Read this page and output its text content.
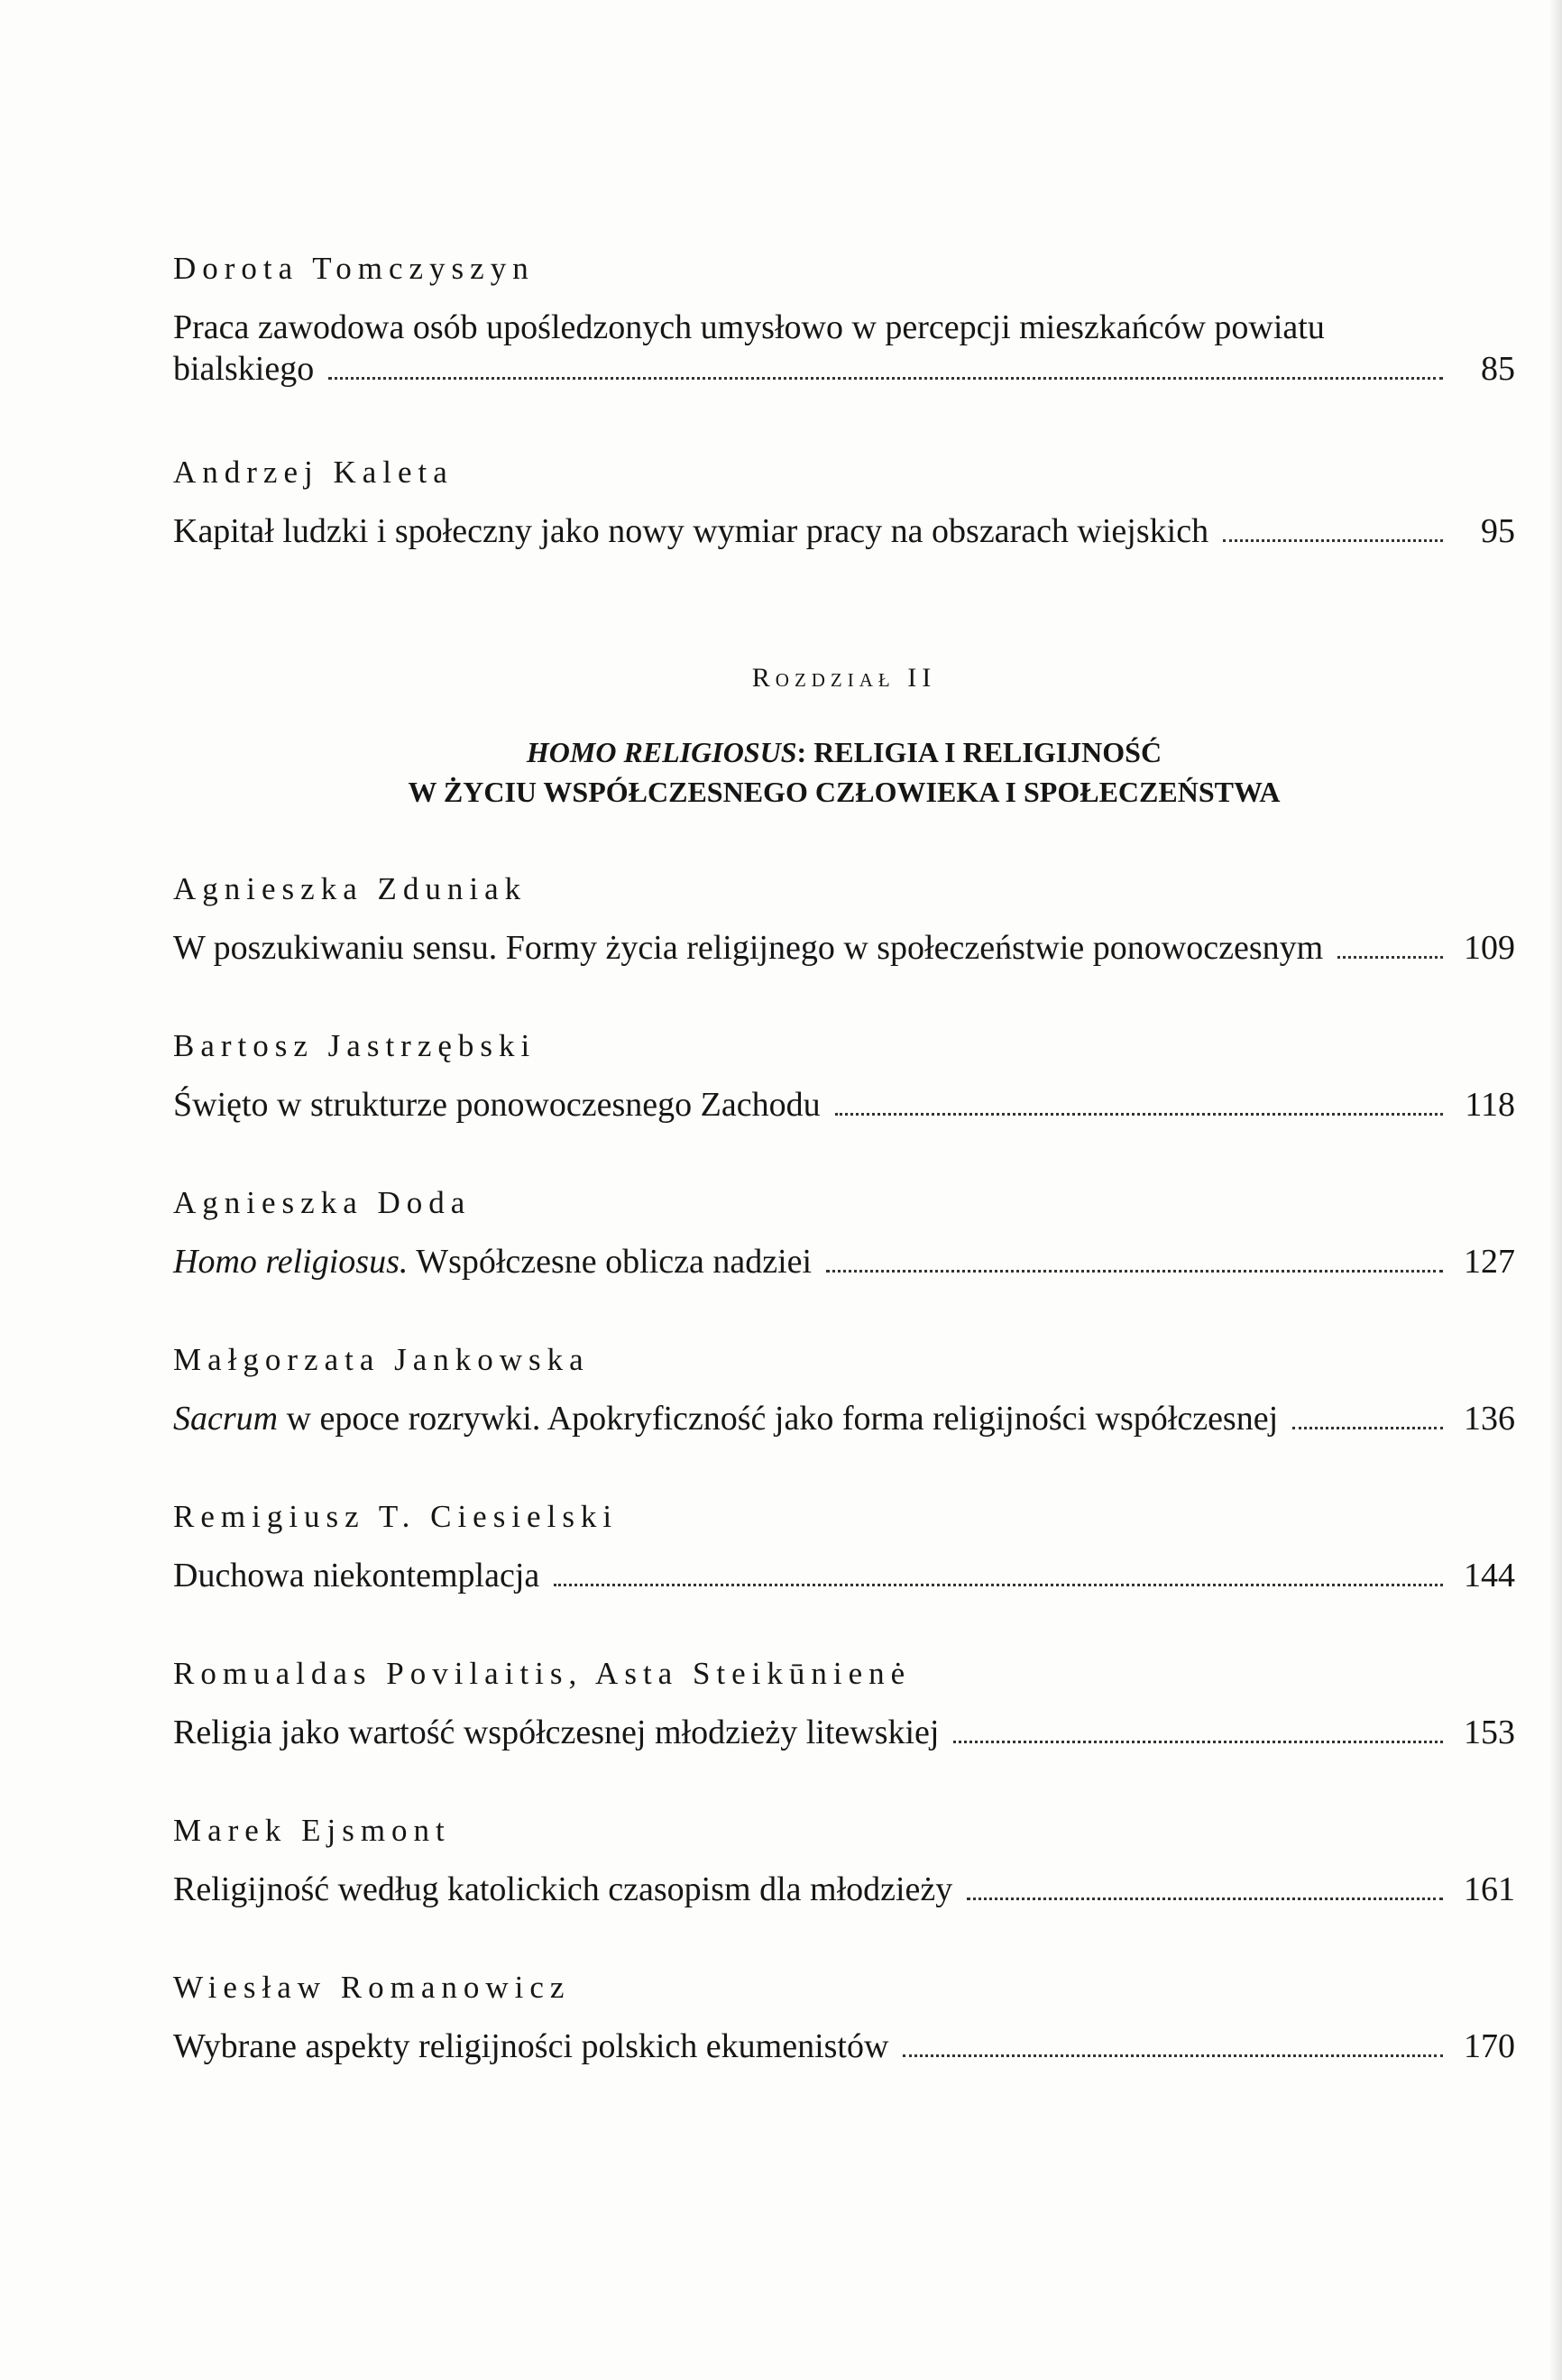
Dorota Tomczyszyn
Praca zawodowa osób upośledzonych umysłowo w percepcji mieszkańców powiatu
bialskiego	85
Andrzej Kaleta
Kapitał ludzki i społeczny jako nowy wymiar pracy na obszarach wiejskich	95
Rozdział II
HOMO RELIGIOSUS: RELIGIA I RELIGIJNOŚĆ
W ŻYCIU WSPÓŁCZESNEGO CZŁOWIEKA I SPOŁECZEŃSTWA
Agnieszka Zduniak
W poszukiwaniu sensu. Formy życia religijnego w społeczeństwie ponowoczesnym	109
Bartosz Jastrzębski
Święto w strukturze ponowoczesnego Zachodu	118
Agnieszka Doda
Homo religiosus. Współczesne oblicza nadziei	127
Małgorzata Jankowska
Sacrum w epoce rozrywki. Apokryficzność jako forma religijności współczesnej	136
Remigiusz T. Ciesielski
Duchowa niekontemplacja	144
Romualdas Povilaitis, Asta Steikūnienė
Religia jako wartość współczesnej młodzieży litewskiej	153
Marek Ejsmont
Religijność według katolickich czasopism dla młodzieży	161
Wiesław Romanowicz
Wybrane aspekty religijności polskich ekumenistów	170
